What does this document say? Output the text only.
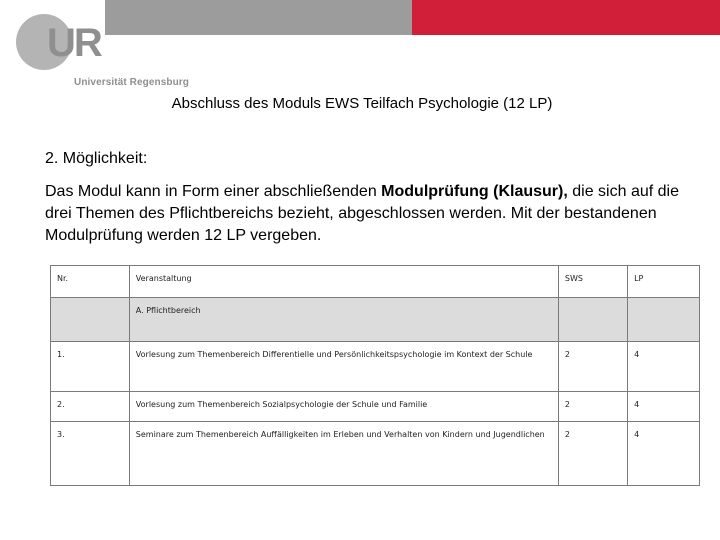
UR
Universität Regensburg
Abschluss des Moduls EWS Teilfach Psychologie (12 LP)
2. Möglichkeit:
Das Modul kann in Form einer abschließenden Modulprüfung (Klausur), die sich auf die drei Themen des Pflichtbereichs bezieht, abgeschlossen werden. Mit der bestandenen Modulprüfung werden 12 LP vergeben.
Nr.	Veranstaltung	SWS	LP
	A. Pflichtbereich		
1.	Vorlesung zum Themenbereich Differentielle und Persönlichkeitspsychologie im Kontext der Schule	2	4
2.	Vorlesung zum Themenbereich Sozialpsychologie der Schule und Familie	2	4
3.	Seminare zum Themenbereich Auffälligkeiten im Erleben und Verhalten von Kindern und Jugendlichen	2	4
